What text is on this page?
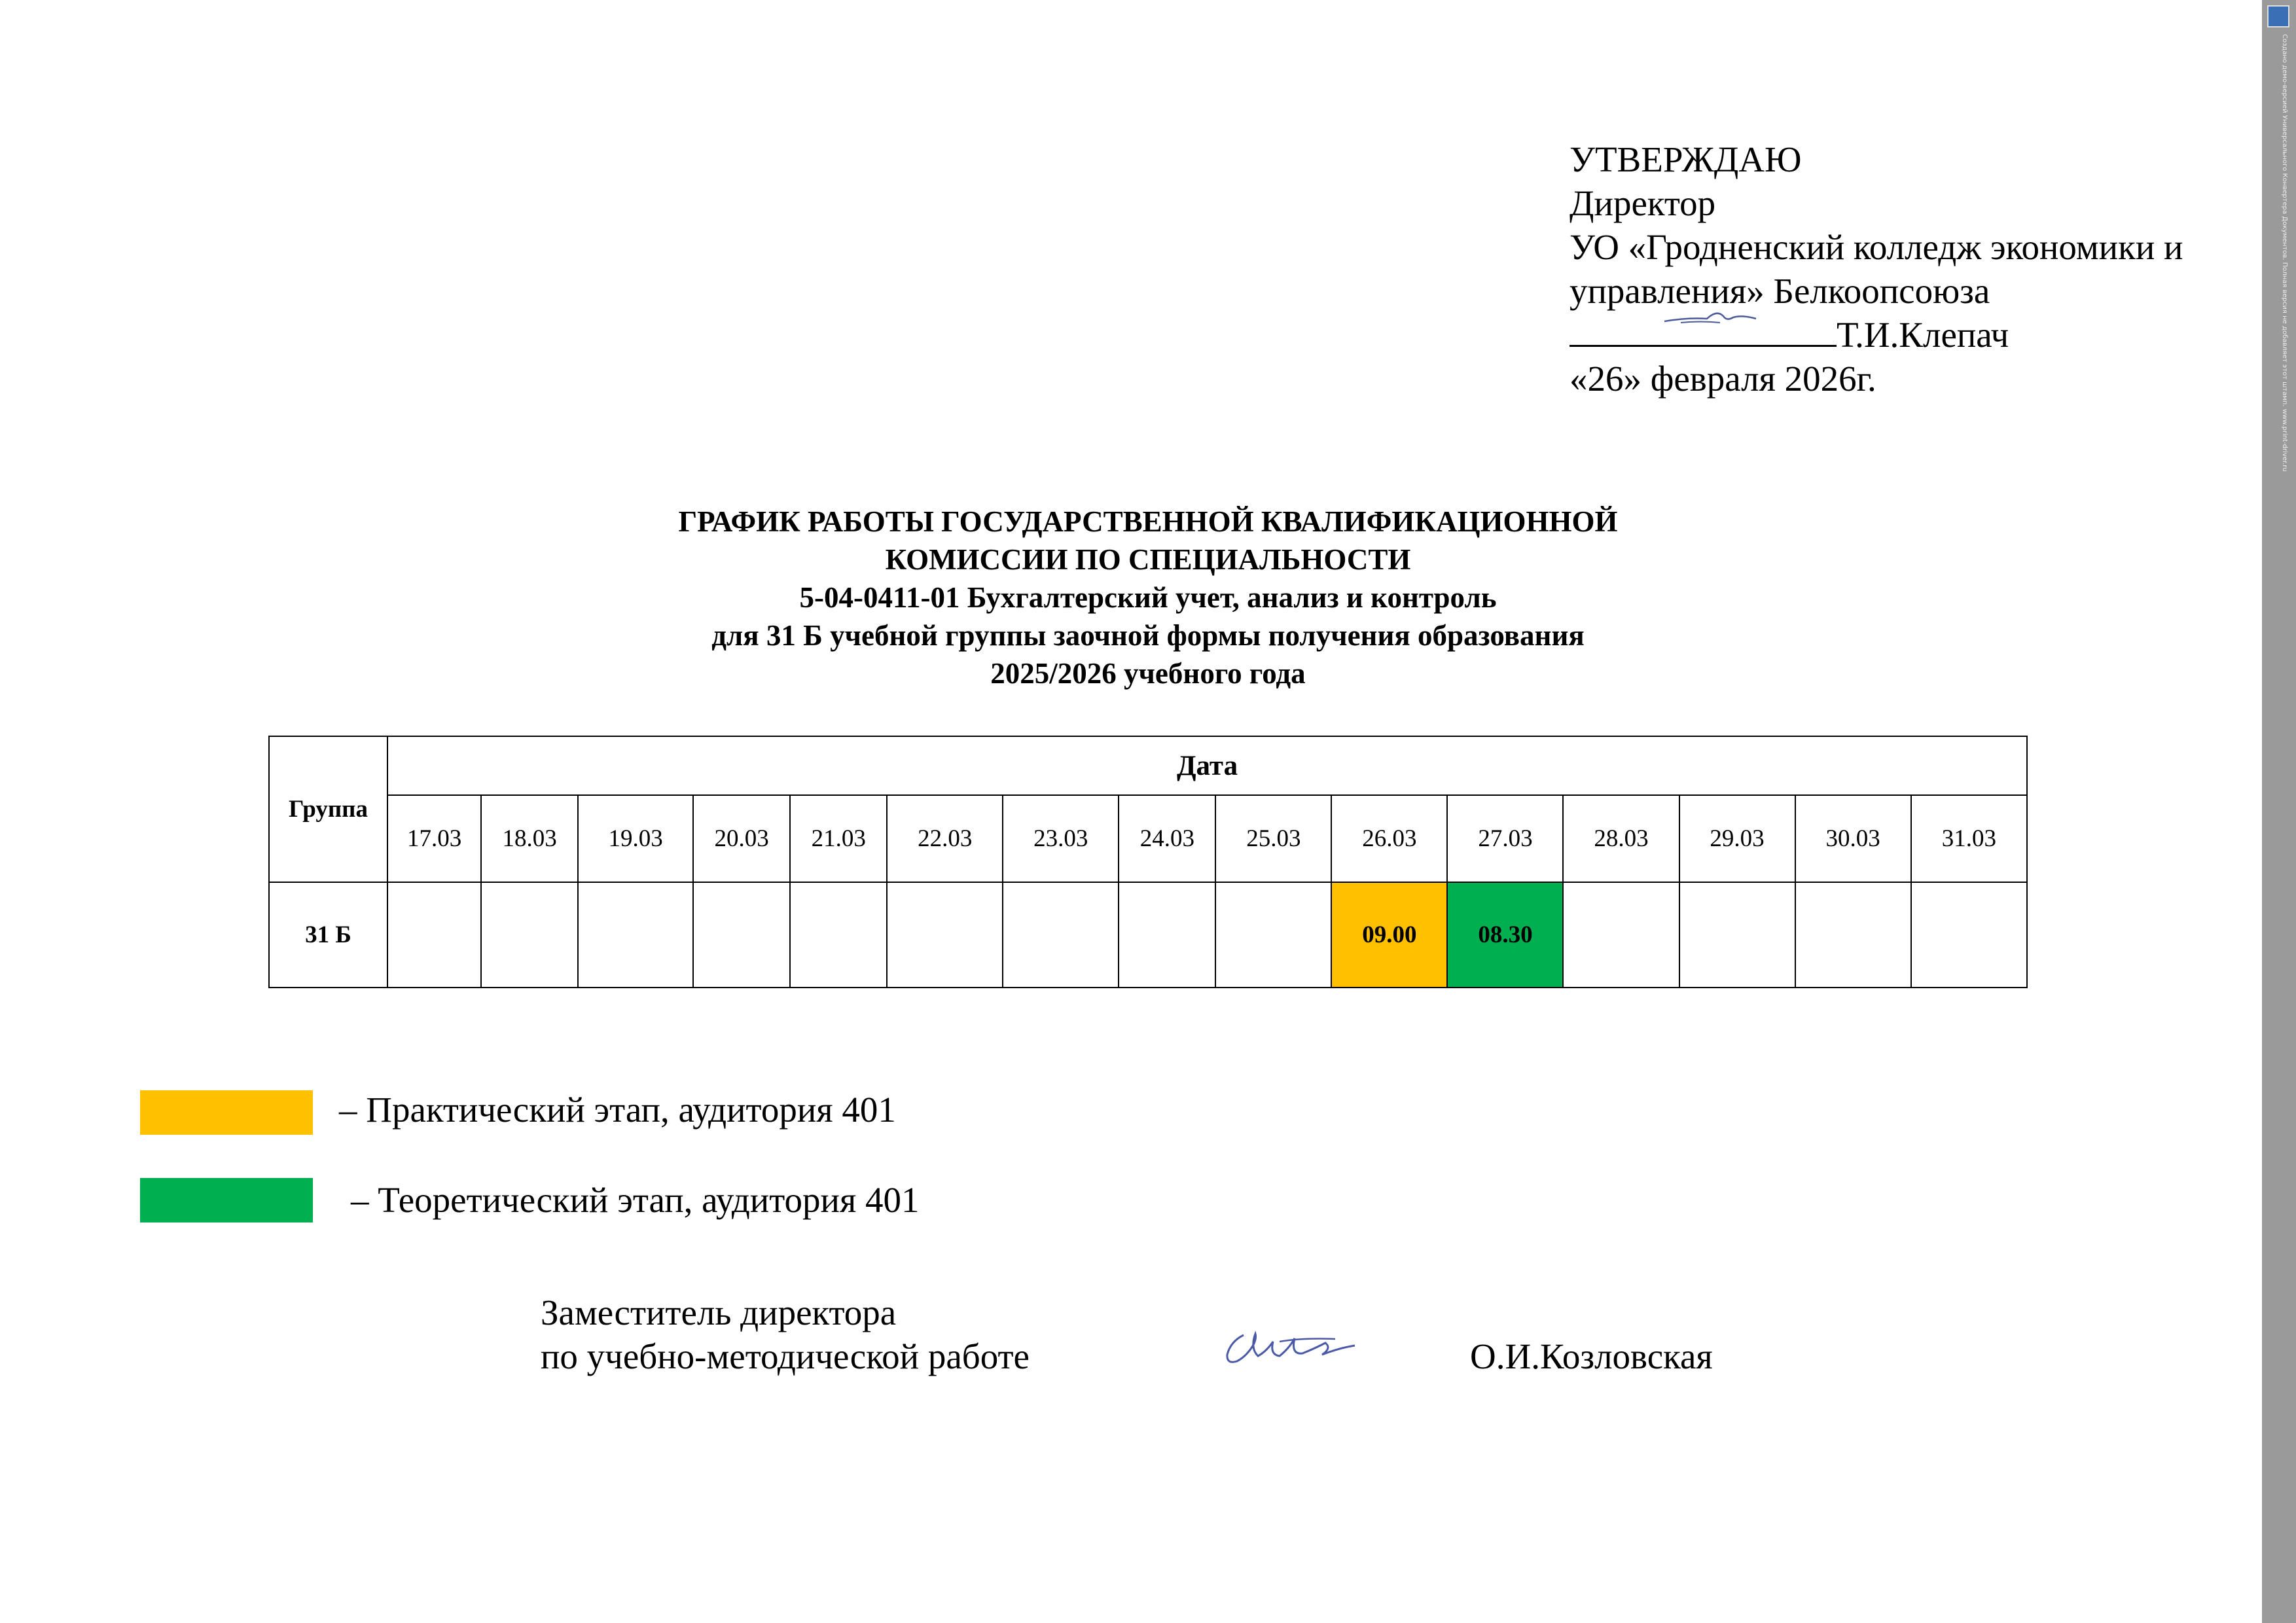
УТВЕРЖДАЮ
Директор
УО «Гродненский колледж экономики и
управления» Белкоопсоюза
Т.И.Клепач
«26» февраля 2026г.
ГРАФИК РАБОТЫ ГОСУДАРСТВЕННОЙ КВАЛИФИКАЦИОННОЙ
КОМИССИИ ПО СПЕЦИАЛЬНОСТИ
5-04-0411-01 Бухгалтерский учет, анализ и контроль
для 31 Б учебной группы заочной формы получения образования
2025/2026 учебного года
Группа	Дата														
	17.03	18.03	19.03	20.03	21.03	22.03	23.03	24.03	25.03	26.03	27.03	28.03	29.03	30.03	31.03
31 Б										09.00	08.30				
– Практический этап, аудитория 401
– Теоретический этап, аудитория 401
Заместитель директора
по учебно-методической работе	О.И.Козловская
Создано демо-версией Универсального Конвертера Документов. Полная версия не добавляет этот штамп. www.print-driver.ru
